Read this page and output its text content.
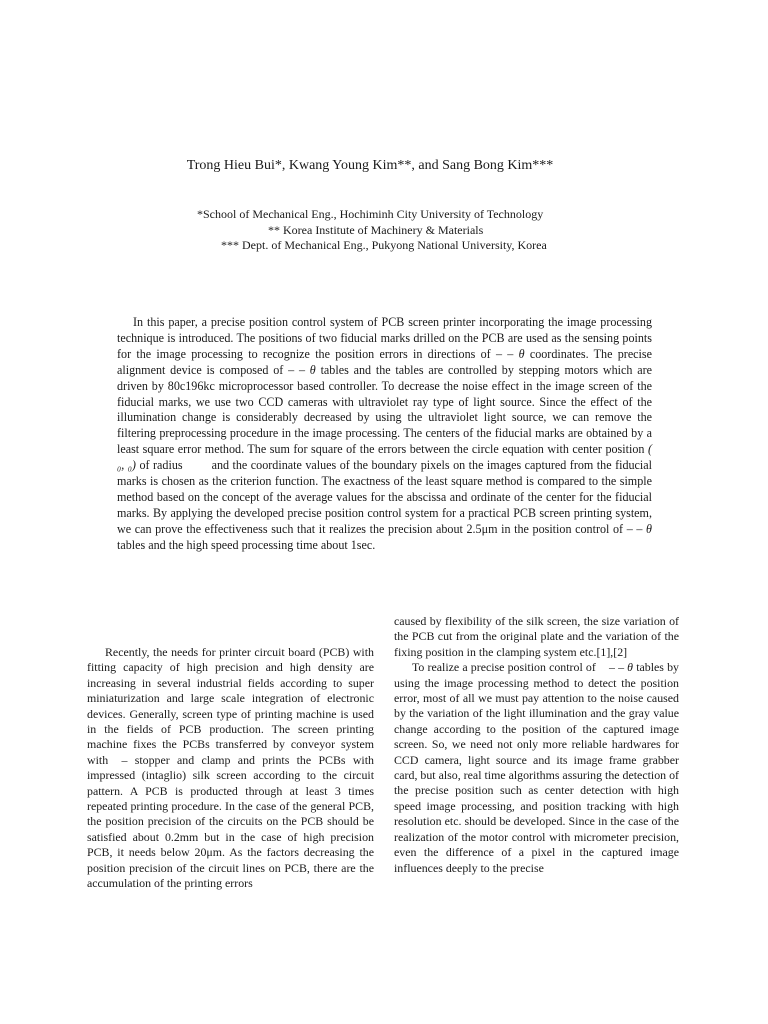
Trong Hieu Bui*, Kwang Young Kim**, and Sang Bong Kim***
*School of Mechanical Eng., Hochiminh City University of Technology
** Korea Institute of Machinery & Materials
*** Dept. of Mechanical Eng., Pukyong National University, Korea

In this paper, a precise position control system of PCB screen printer incorporating the image processing technique is introduced. The positions of two fiducial marks drilled on the PCB are used as the sensing points for the image processing to recognize the position errors in directions of – – θ coordinates. The precise alignment device is composed of – – θ tables and the tables are controlled by stepping motors which are driven by 80c196kc microprocessor based controller. To decrease the noise effect in the image screen of the fiducial marks, we use two CCD cameras with ultraviolet ray type of light source. Since the effect of the illumination change is considerably decreased by using the ultraviolet light source, we can remove the filtering preprocessing procedure in the image processing. The centers of the fiducial marks are obtained by a least square error method. The sum for square of the errors between the circle equation with center position ( ₀, ₀) of radius and the coordinate values of the boundary pixels on the images captured from the fiducial marks is chosen as the criterion function. The exactness of the least square method is compared to the simple method based on the concept of the average values for the abscissa and ordinate of the center for the fiducial marks. By applying the developed precise position control system for a practical PCB screen printing system, we can prove the effectiveness such that it realizes the precision about 2.5μm in the position control of – – θ tables and the high speed processing time about 1sec.

Recently, the needs for printer circuit board (PCB) with fitting capacity of high precision and high density are increasing in several industrial fields according to super miniaturization and large scale integration of electronic devices. Generally, screen type of printing machine is used in the fields of PCB production. The screen printing machine fixes the PCBs transferred by conveyor system with – stopper and clamp and prints the PCBs with impressed (intaglio) silk screen according to the circuit pattern. A PCB is producted through at least 3 times repeated printing procedure. In the case of the general PCB, the position precision of the circuits on the PCB should be satisfied about 0.2mm but in the case of high precision PCB, it needs below 20μm. As the factors decreasing the position precision of the circuit lines on PCB, there are the accumulation of the printing errors

caused by flexibility of the silk screen, the size variation of the PCB cut from the original plate and the variation of the fixing position in the clamping system etc.[1],[2]

To realize a precise position control of – – θ tables by using the image processing method to detect the position error, most of all we must pay attention to the noise caused by the variation of the light illumination and the gray value change according to the position of the captured image screen. So, we need not only more reliable hardwares for CCD camera, light source and its image frame grabber card, but also, real time algorithms assuring the detection of the precise position such as center detection with high speed image processing, and position tracking with high resolution etc. should be developed. Since in the case of the realization of the motor control with micrometer precision, even the difference of a pixel in the captured image influences deeply to the precise
